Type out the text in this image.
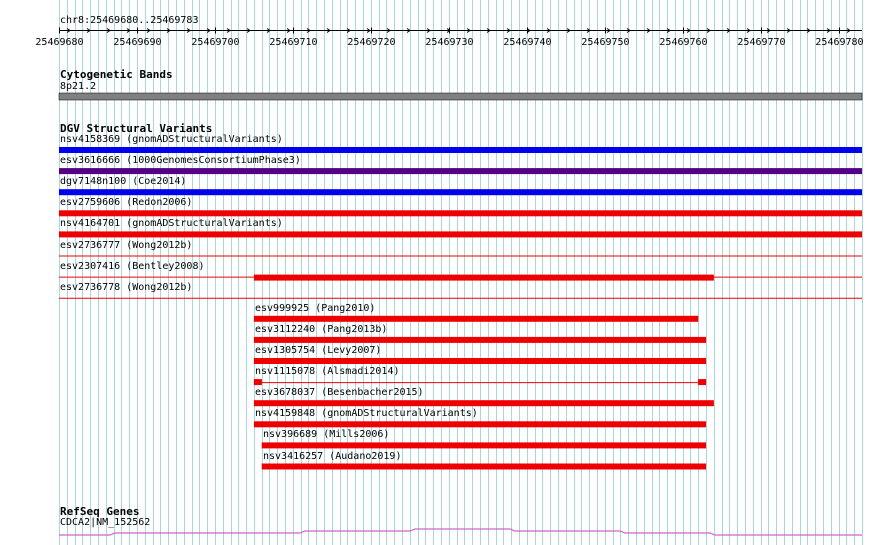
25469680	25469690	25469700	25469710	25469720	25469730	25469740	25469750	25469760	25469770	25469780
chr8:25469680..25469783
Cytogenetic Bands
8p21.2
DGV Structural Variants
nsv4158369 (gnomADStructuralVariants)
esv3616666 (1000GenomesConsortiumPhase3)
dgv7148n100 (Coe2014)
esv2759606 (Redon2006)
nsv4164701 (gnomADStructuralVariants)
esv2736777 (Wong2012b)
esv2307416 (Bentley2008)
esv2736778 (Wong2012b)
esv999925 (Pang2010)
esv3112240 (Pang2013b)
esv1305754 (Levy2007)
nsv1115078 (Alsmadi2014)
esv3678037 (Besenbacher2015)
nsv4159848 (gnomADStructuralVariants)
nsv396689 (Mills2006)
nsv3416257 (Audano2019)
RefSeq Genes
CDCA2|NM_152562
